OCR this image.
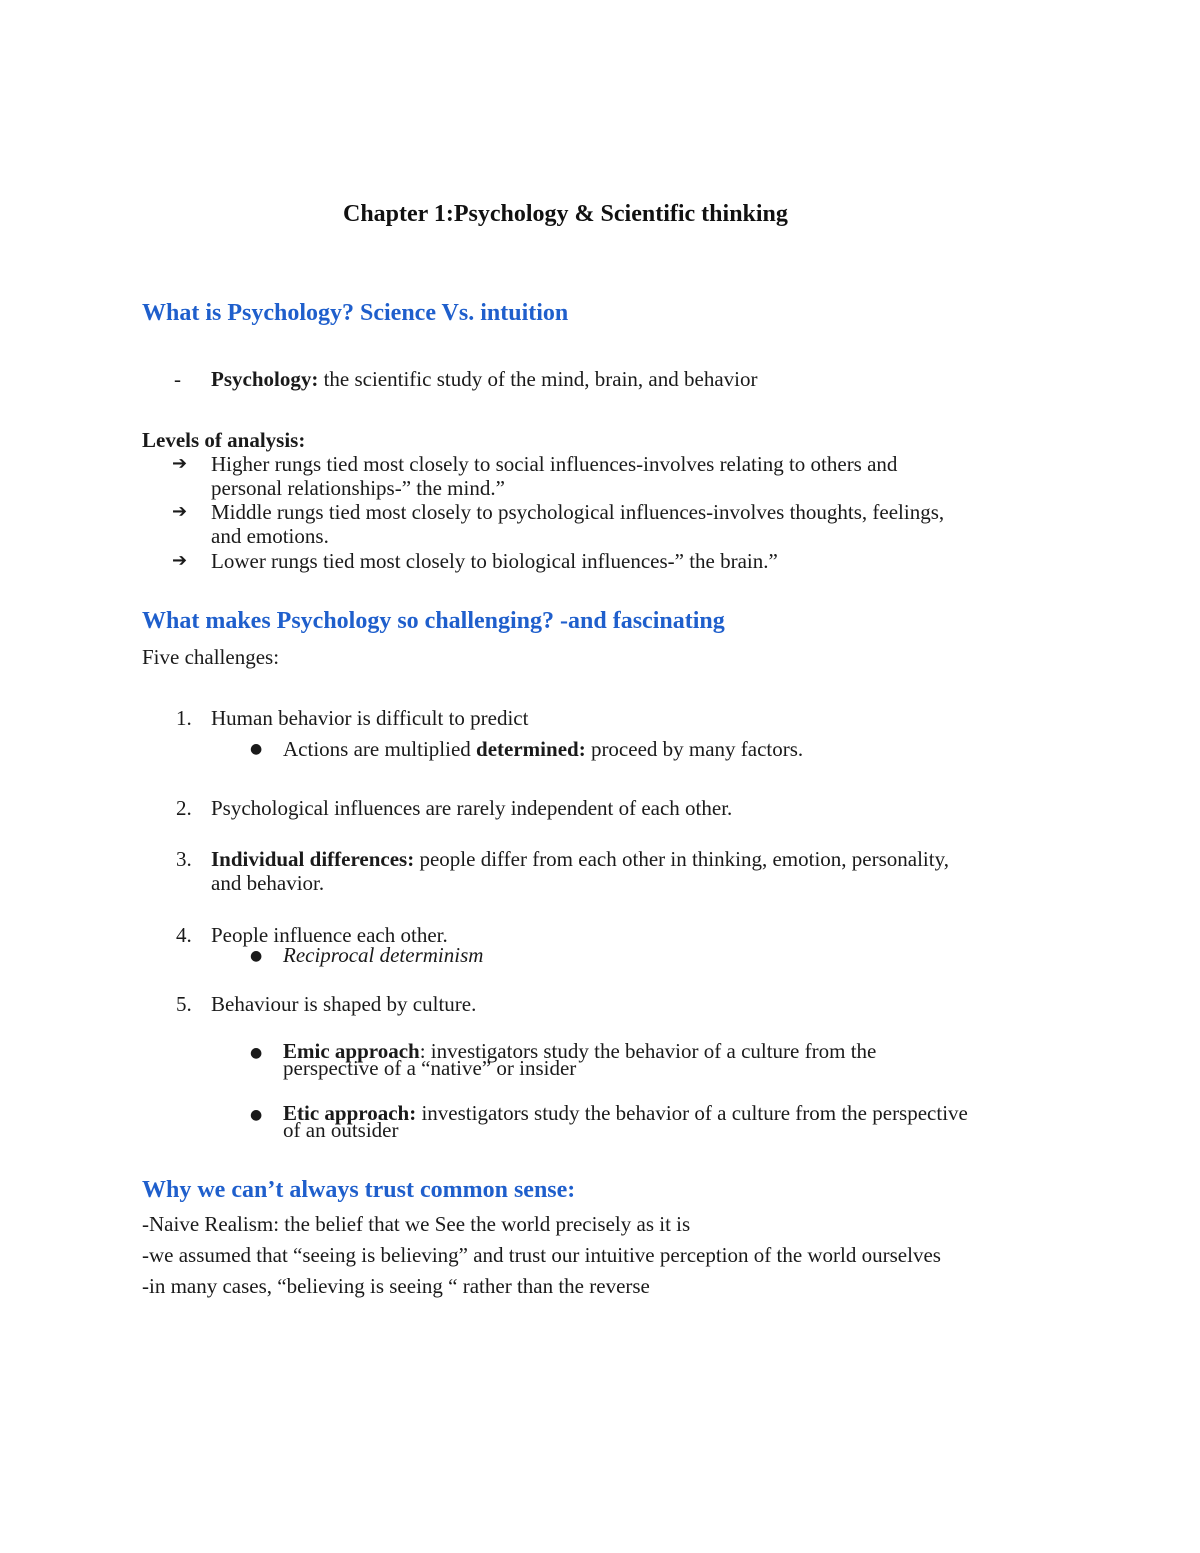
Chapter 1:Psychology & Scientific thinking
What is Psychology? Science Vs. intuition
- Psychology: the scientific study of the mind, brain, and behavior
Levels of analysis:
➔ Higher rungs tied most closely to social influences-involves relating to others and
personal relationships-” the mind.”
➔ Middle rungs tied most closely to psychological influences-involves thoughts, feelings,
and emotions.
➔ Lower rungs tied most closely to biological influences-” the brain.”
What makes Psychology so challenging? -and fascinating
Five challenges:
1. Human behavior is difficult to predict
● Actions are multiplied determined: proceed by many factors.
2. Psychological influences are rarely independent of each other.
3. Individual differences: people differ from each other in thinking, emotion, personality,
and behavior.
4. People influence each other.
● Reciprocal determinism
5. Behaviour is shaped by culture.
● Emic approach: investigators study the behavior of a culture from the
perspective of a “native” or insider
● Etic approach: investigators study the behavior of a culture from the perspective
of an outsider
Why we can’t always trust common sense:
-Naive Realism: the belief that we See the world precisely as it is
-we assumed that “seeing is believing” and trust our intuitive perception of the world ourselves
-in many cases, “believing is seeing “ rather than the reverse
